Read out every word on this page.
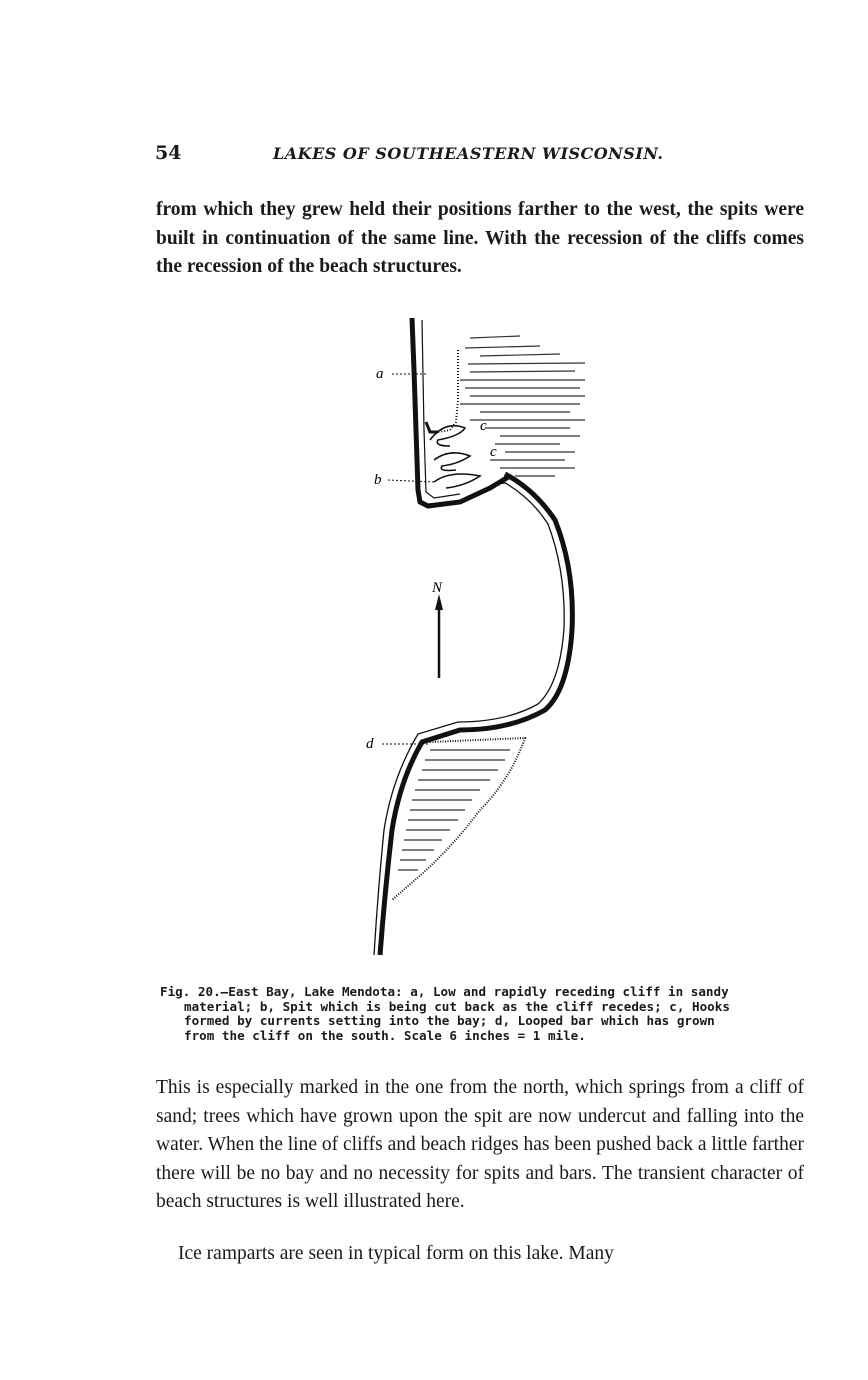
54	LAKES OF SOUTHEASTERN WISCONSIN.

from which they grew held their positions farther to the west, the spits were built in continuation of the same line. With the recession of the cliffs comes the recession of the beach structures.

a
b
c
c
c
d
N
Fig. 20.—East Bay, Lake Mendota: a, Low and rapidly receding cliff in sandy
material; b, Spit which is being cut back as the cliff recedes; c, Hooks
formed by currents setting into the bay; d, Looped bar which has grown
from the cliff on the south. Scale 6 inches = 1 mile.

This is especially marked in the one from the north, which springs from a cliff of sand; trees which have grown upon the spit are now undercut and falling into the water. When the line of cliffs and beach ridges has been pushed back a little farther there will be no bay and no necessity for spits and bars. The transient character of beach structures is well illustrated here.

Ice ramparts are seen in typical form on this lake. Many
